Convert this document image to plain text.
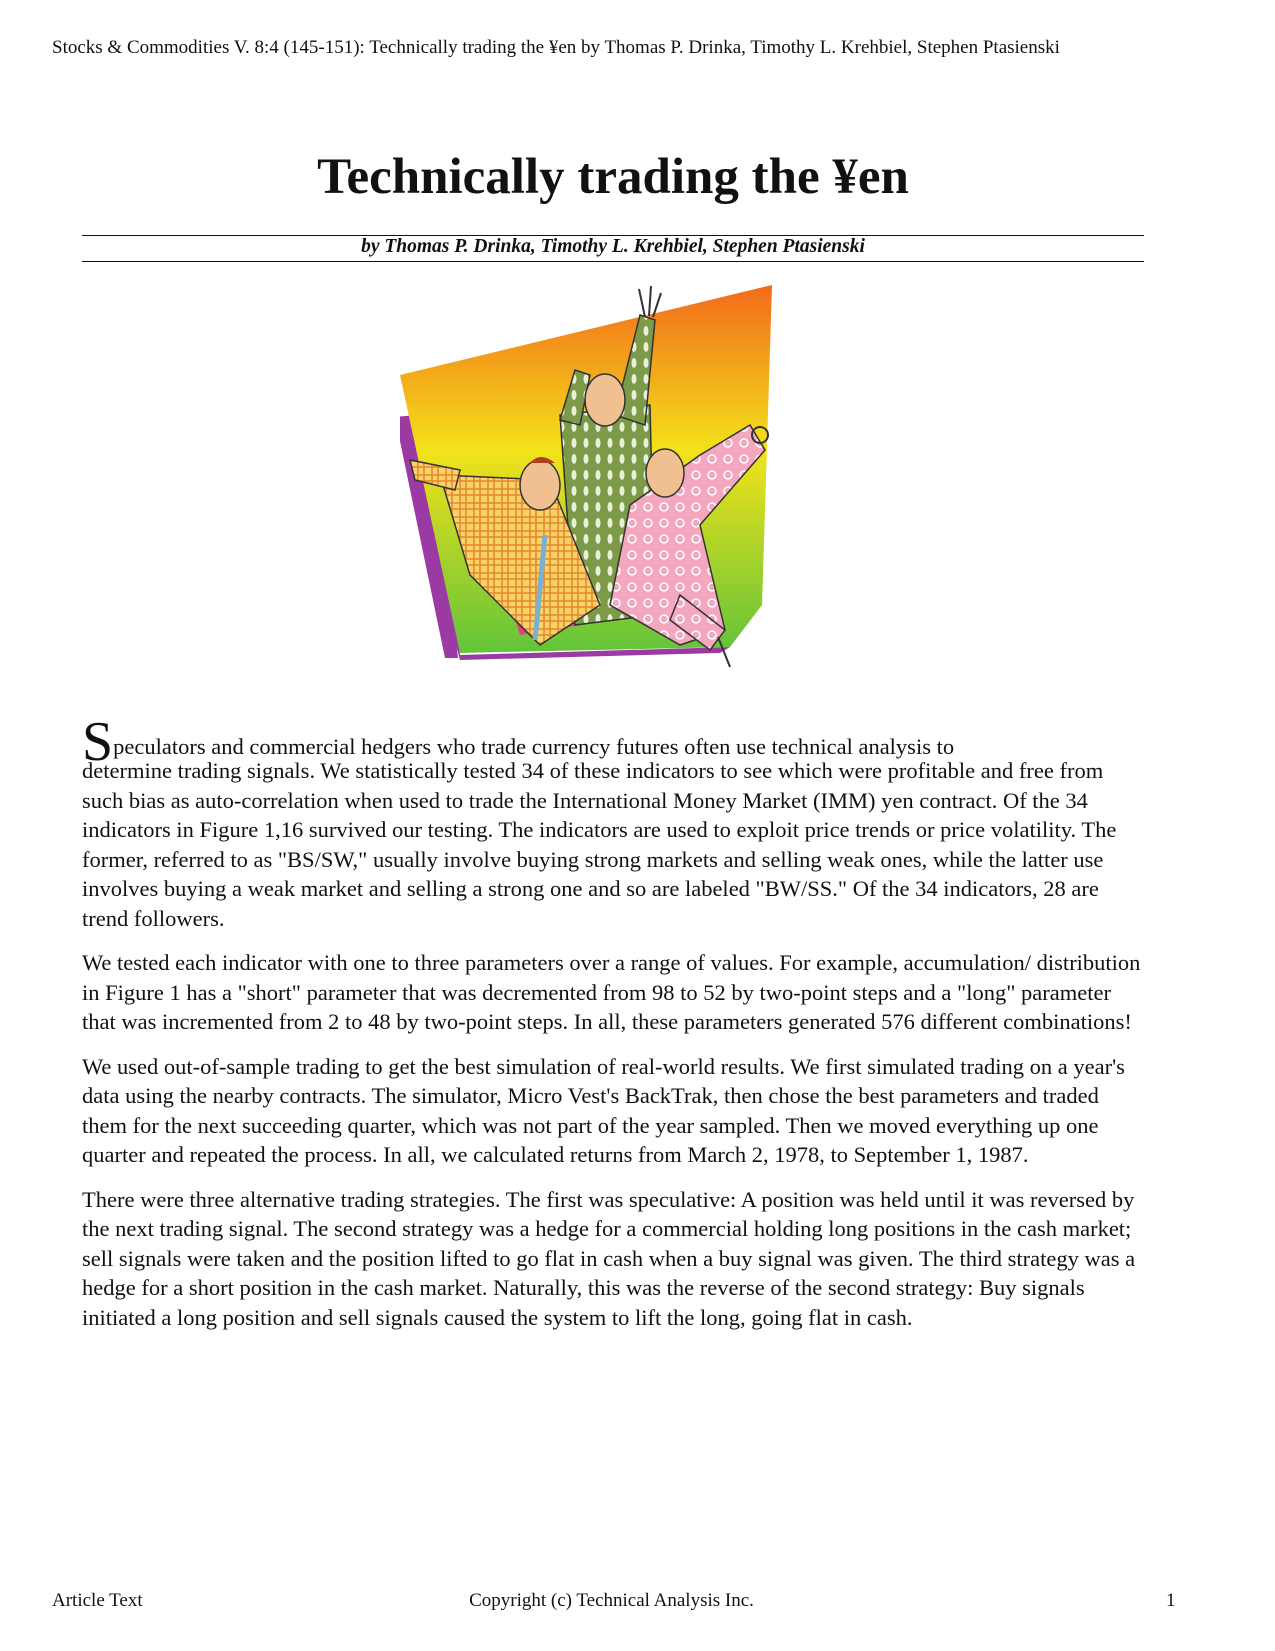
Stocks & Commodities V. 8:4 (145-151): Technically trading the ¥en by Thomas P. Drinka, Timothy L. Krehbiel, Stephen Ptasienski
Technically trading the ¥en
by Thomas P. Drinka, Timothy L. Krehbiel, Stephen Ptasienski

Speculators and commercial hedgers who trade currency futures often use technical analysis to

determine trading signals. We statistically tested 34 of these indicators to see which were profitable and free from such bias as auto-correlation when used to trade the International Money Market (IMM) yen contract. Of the 34 indicators in Figure 1,16 survived our testing. The indicators are used to exploit price trends or price volatility. The former, referred to as "BS/SW," usually involve buying strong markets and selling weak ones, while the latter use involves buying a weak market and selling a strong one and so are labeled "BW/SS." Of the 34 indicators, 28 are trend followers.

We tested each indicator with one to three parameters over a range of values. For example, accumulation/ distribution in Figure 1 has a "short" parameter that was decremented from 98 to 52 by two-point steps and a "long" parameter that was incremented from 2 to 48 by two-point steps. In all, these parameters generated 576 different combinations!

We used out-of-sample trading to get the best simulation of real-world results. We first simulated trading on a year's data using the nearby contracts. The simulator, Micro Vest's BackTrak, then chose the best parameters and traded them for the next succeeding quarter, which was not part of the year sampled. Then we moved everything up one quarter and repeated the process. In all, we calculated returns from March 2, 1978, to September 1, 1987.

There were three alternative trading strategies. The first was speculative: A position was held until it was reversed by the next trading signal. The second strategy was a hedge for a commercial holding long positions in the cash market; sell signals were taken and the position lifted to go flat in cash when a buy signal was given. The third strategy was a hedge for a short position in the cash market. Naturally, this was the reverse of the second strategy: Buy signals initiated a long position and sell signals caused the system to lift the long, going flat in cash.

Article Text	Copyright (c) Technical Analysis Inc.	1
